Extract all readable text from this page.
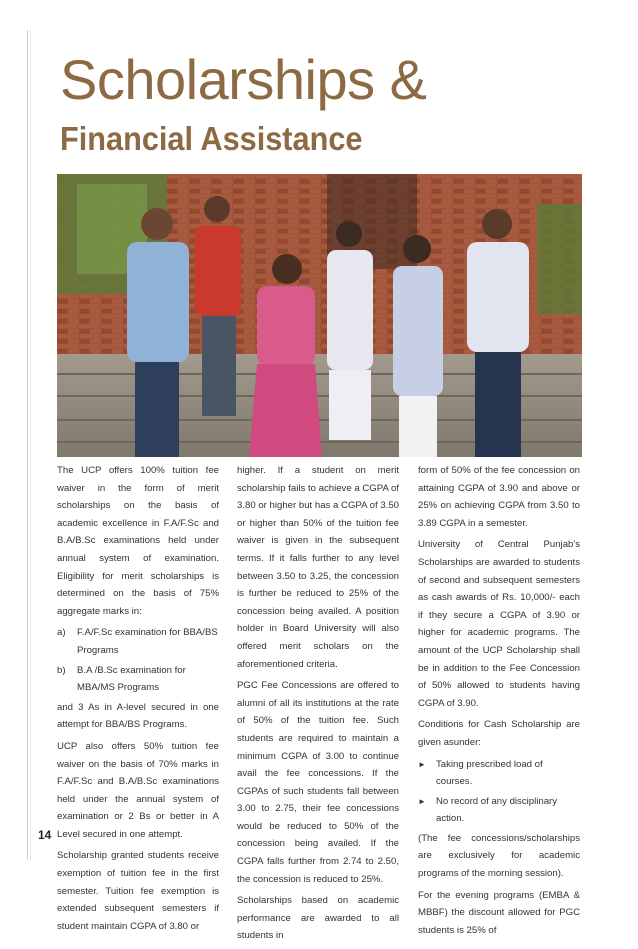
Scholarships &
Financial Assistance

The UCP offers 100% tuition fee waiver in the form of merit scholarships on the basis of academic excellence in F.A/F.Sc and B.A/B.Sc examinations held under annual system of examination. Eligibility for merit scholarships is determined on the basis of 75% aggregate marks in:

a)	F.A/F.Sc examination for BBA/BS Programs
b)	B.A /B.Sc examination for MBA/MS Programs

and 3 As in A-level secured in one attempt for BBA/BS Programs.

UCP also offers 50% tuition fee waiver on the basis of 70% marks in F.A/F.Sc and B.A/B.Sc examinations held under the annual system of examination or 2 Bs or better in A Level secured in one attempt.

Scholarship granted students receive exemption of tuition fee in the first semester. Tuition fee exemption is extended subsequent semesters if student maintain CGPA of 3.80 or

higher. If a student on merit scholarship fails to achieve a CGPA of 3.80 or higher but has a CGPA of 3.50 or higher than 50% of the tuition fee waiver is given in the subsequent terms. If it falls further to any level between 3.50 to 3.25, the concession is further be reduced to 25% of the concession being availed. A position holder in Board University will also offered merit scholars on the aforementioned criteria.

PGC Fee Concessions are offered to alumni of all its institutions at the rate of 50% of the tuition fee. Such students are required to maintain a minimum CGPA of 3.00 to continue avail the fee concessions. If the CGPAs of such students fall between 3.00 to 2.75, their fee concessions would be reduced to 50% of the concession being availed. If the CGPA falls further from 2.74 to 2.50, the concession is reduced to 25%.

Scholarships based on academic performance are awarded to all students in

form of 50% of the fee concession on attaining CGPA of 3.90 and above or 25% on achieving CGPA from 3.50 to 3.89 CGPA in a semester.

University of Central Punjab's Scholarships are awarded to students of second and subsequent semesters as cash awards of Rs. 10,000/- each if they secure a CGPA of 3.90 or higher for academic programs. The amount of the UCP Scholarship shall be in addition to the Fee Concession of 50% allowed to students having CGPA of 3.90.

Conditions for Cash Scholarship are given asunder:

►	Taking prescribed load of courses.
►	No record of any disciplinary action.

(The fee concessions/scholarships are exclusively for academic programs of the morning session).

For the evening programs (EMBA & MBBF) the discount allowed for PGC students is 25% of

14
